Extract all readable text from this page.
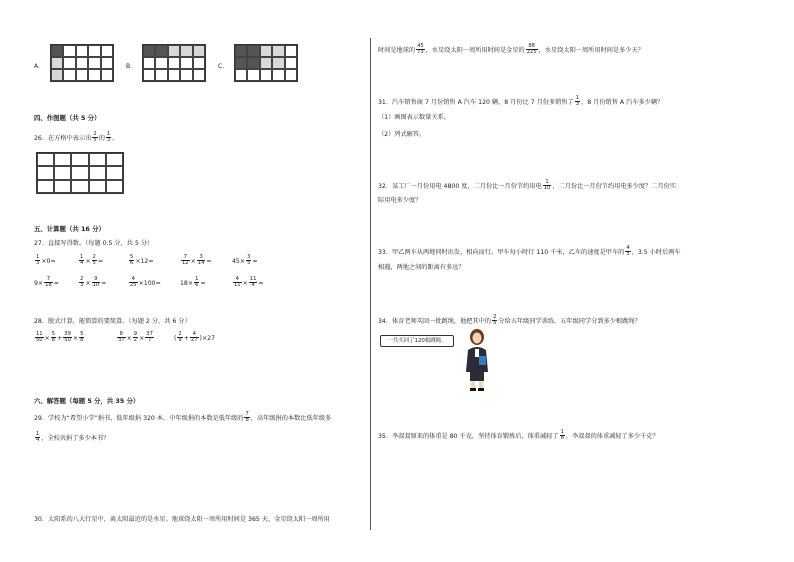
A．	B．	C．
四、作图题（共 5 分）
26．在方格中表示出 $\frac{2}{5}$ 的 $\frac{1}{3}$ 。
五、计算题（共 16 分）
27．直接写得数。（每题 0.5 分，共 5 分）
$\frac{1}{3} \times 0=$	$\frac{1}{4} \times \frac{2}{5}$ =	$\frac{5}{6} \times 12=$	$\frac{7}{12} \times \frac{3}{14}$ =	$45\times \frac{3}{5}$ =
$9\times \frac{7}{18}$ =	$\frac{2}{3} \times \frac{9}{10}$ =	$\frac{4}{25} \times 100=$	$18\times \frac{1}{6}$ =	$\frac{4}{11} \times \frac{11}{4}$ =
28．脱式计算，能简算的要简算。（每题 2 分，共 6 分）
$\frac{11}{50} \times \frac{5}{8} + \frac{39}{50} \times \frac{5}{8}$	$\frac{8}{37} \times \frac{9}{2} \times \frac{37}{7}$	( $\frac{2}{9} + \frac{4}{27} )\times 27$
六、解答题（每题 5 分，共 35 分）
29．学校为“希望小学”捐书，低年级捐 320 本，中年级捐的本数是低年级的 $\frac{7}{8}$ ，高年级捐的本数比低年级多
$\frac{1}{4}$ ，全校共捐了多少本书？
30．太阳系的八大行星中，离太阳最近的是水星。地球绕太阳一周所用时间是 365 天，金星绕太阳一周所用
时间是地球的 $\frac{45}{73}$ ，水星绕太阳一周所用时间是金星的 $\frac{88}{225}$ ，水星绕太阳一周所用时间是多少天？
31．汽车销售商 7 月份销售 A 汽车 120 辆，8 月份比 7 月份多销售了 $\frac{1}{3}$ ，8 月份销售 A 汽车多少辆？
（1）画图表示数量关系。
（2）列式解答。
32．某工厂一月份用电 4800 度，二月份比一月份节约用电 $\frac{1}{10}$ ，二月份比一月份节约用电多少度？二月份实
际用电多少度？
33．甲乙两车从两地同时出发，相向而行。甲车每小时行 110 千米，乙车的速度是甲车的 $\frac{4}{5}$ ，3.5 小时后两车
相遇，两地之间的距离有多远？
34．体育老师买回一批跳绳，他把其中的 $\frac{2}{5}$ 分给五年级同学训练，五年级同学分到多少根跳绳？
一共买回了120根跳绳。
35．李叔叔原来的体重是 80 千克，坚持体育锻炼后，体重减轻了 $\frac{1}{8}$ ，李叔叔的体重减轻了多少千克？
